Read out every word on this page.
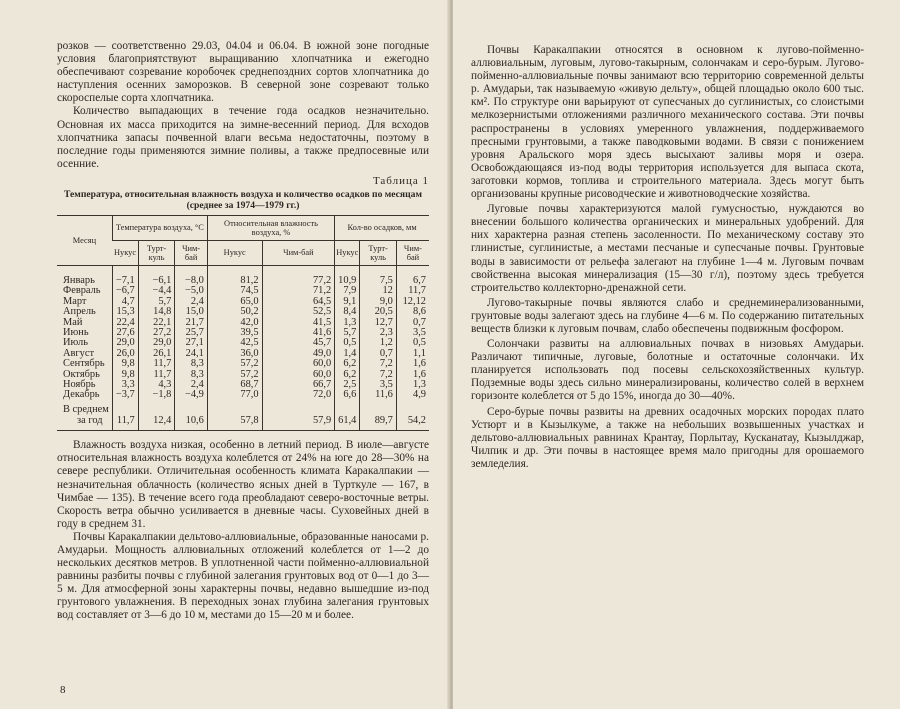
розков — соответственно 29.03, 04.04 и 06.04. В южной зоне погодные условия благоприятствуют выращиванию хлопчатника и ежегодно обеспечивают созревание коробочек среднепоздних сортов хлопчатника до наступления осенних заморозков. В северной зоне созревают только скороспелые сорта хлопчатника.

Количество выпадающих в течение года осадков незначительно. Основная их масса приходится на зимне-весенний период. Для всходов хлопчатника запасы почвенной влаги весьма недостаточны, поэтому в последние годы применяются зимние поливы, а также предпосевные или осенние.

Таблица 1
Температура, относительная влажность воздуха и количество осадков по месяцам (среднее за 1974—1979 гг.)
Месяц	Температура воздуха, °С			Относительная влажность воздуха, %		Кол-во осадков, мм		
	Нукус	Турт-куль	Чим-бай	Нукус	Чим-бай	Нукус	Турт-куль	Чим-бай
Январь	−7,1	−6,1	−8,0	81,2	77,2	10,9	7,5	6,7
Февраль	−6,7	−4,4	−5,0	74,5	71,2	7,9	12	11,7
Март	4,7	5,7	2,4	65,0	64,5	9,1	9,0	12,12
Апрель	15,3	14,8	15,0	50,2	52,5	8,4	20,5	8,6
Май	22,4	22,1	21,7	42,0	41,5	1,3	12,7	0,7
Июнь	27,6	27,2	25,7	39,5	41,6	5,7	2,3	3,5
Июль	29,0	29,0	27,1	42,5	45,7	0,5	1,2	0,5
Август	26,0	26,1	24,1	36,0	49,0	1,4	0,7	1,1
Сентябрь	9,8	11,7	8,3	57,2	60,0	6,2	7,2	1,6
Октябрь	9,8	11,7	8,3	57,2	60,0	6,2	7,2	1,6
Ноябрь	3,3	4,3	2,4	68,7	66,7	2,5	3,5	1,3
Декабрь	−3,7	−1,8	−4,9	77,0	72,0	6,6	11,6	4,9

В среднем
за год	11,7	12,4	10,6	57,8	57,9	61,4	89,7	54,2

Влажность воздуха низкая, особенно в летний период. В июле—августе относительная влажность воздуха колеблется от 24% на юге до 28—30% на севере республики. Отличительная особенность климата Каракалпакии — незначительная облачность (количество ясных дней в Турткуле — 167, в Чимбае — 135). В течение всего года преобладают северо-восточные ветры. Скорость ветра обычно усиливается в дневные часы. Суховейных дней в году в среднем 31.

Почвы Каракалпакии дельтово-аллювиальные, образованные наносами р. Амударьи. Мощность аллювиальных отложений колеблется от 1—2 до нескольких десятков метров. В уплотненной части пойменно-аллювиальной равнины разбиты почвы с глубиной залегания грунтовых вод от 0—1 до 3—5 м. Для атмосферной зоны характерны почвы, недавно вышедшие из-под грунтового увлажнения. В переходных зонах глубина залегания грунтовых вод составляет от 3—6 до 10 м, местами до 15—20 м и более.

8

Почвы Каракалпакии относятся в основном к лугово-пойменно-аллювиальным, луговым, лугово-такырным, солончакам и серо-бурым. Лугово-пойменно-аллювиальные почвы занимают всю территорию современной дельты р. Амударьи, так называемую «живую дельту», общей площадью около 600 тыс. км². По структуре они варьируют от супесчаных до суглинистых, со слоистыми мелкозернистыми отложениями различного механического состава. Эти почвы распространены в условиях умеренного увлажнения, поддерживаемого пресными грунтовыми, а также паводковыми водами. В связи с понижением уровня Аральского моря здесь высыхают заливы моря и озера. Освобождающаяся из-под воды территория используется для выпаса скота, заготовки кормов, топлива и строительного материала. Здесь могут быть организованы крупные рисоводческие и животноводческие хозяйства.

Луговые почвы характеризуются малой гумусностью, нуждаются во внесении большого количества органических и минеральных удобрений. Для них характерна разная степень засоленности. По механическому составу это глинистые, суглинистые, а местами песчаные и супесчаные почвы. Грунтовые воды в зависимости от рельефа залегают на глубине 1—4 м. Луговым почвам свойственна высокая минерализация (15—30 г/л), поэтому здесь требуется строительство коллекторно-дренажной сети.

Лугово-такырные почвы являются слабо и среднеминерализованными, грунтовые воды залегают здесь на глубине 4—6 м. По содержанию питательных веществ близки к луговым почвам, слабо обеспечены подвижным фосфором.

Солончаки развиты на аллювиальных почвах в низовьях Амударьи. Различают типичные, луговые, болотные и остаточные солончаки. Их планируется использовать под посевы сельскохозяйственных культур. Подземные воды здесь сильно минерализированы, количество солей в верхнем горизонте колеблется от 5 до 15%, иногда до 30—40%.

Серо-бурые почвы развиты на древних осадочных морских породах плато Устюрт и в Кызылкуме, а также на небольших возвышенных участках и дельтово-аллювиальных равнинах Крантау, Порлытау, Кусканатау, Кызылджар, Чилпик и др. Эти почвы в настоящее время мало пригодны для орошаемого земледелия.
